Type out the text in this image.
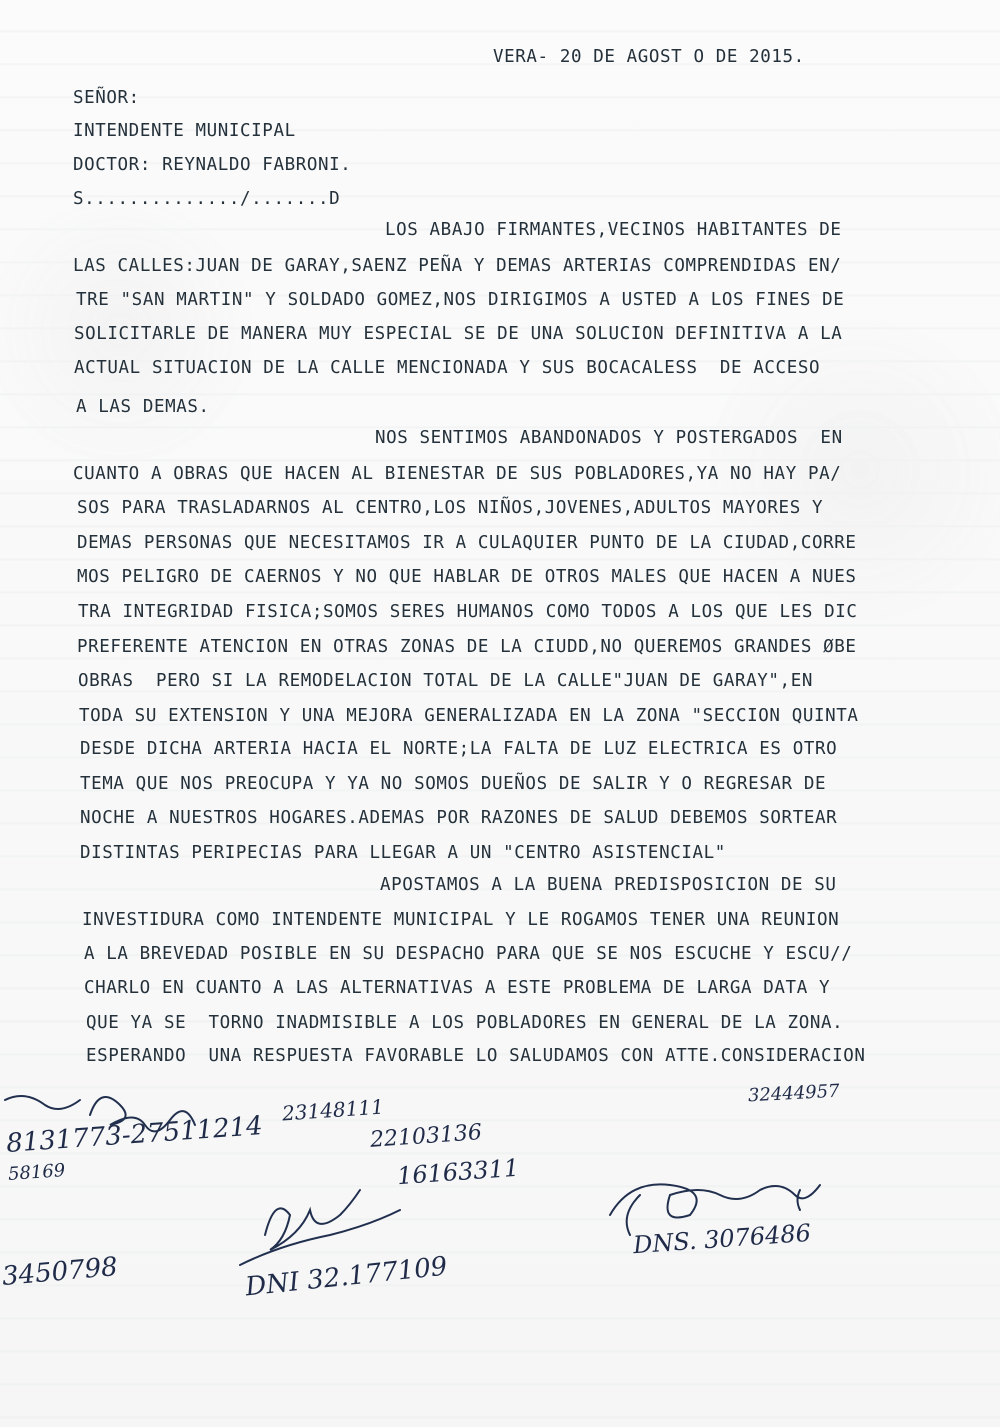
VERA- 20 DE AGOST O DE 2015.
SEÑOR:
INTENDENTE MUNICIPAL
DOCTOR: REYNALDO FABRONI.
S............../.......D
LOS ABAJO FIRMANTES,VECINOS HABITANTES DE
LAS CALLES:JUAN DE GARAY,SAENZ PEÑA Y DEMAS ARTERIAS COMPRENDIDAS EN/
TRE "SAN MARTIN" Y SOLDADO GOMEZ,NOS DIRIGIMOS A USTED A LOS FINES DE
SOLICITARLE DE MANERA MUY ESPECIAL SE DE UNA SOLUCION DEFINITIVA A LA
ACTUAL SITUACION DE LA CALLE MENCIONADA Y SUS BOCACALESS  DE ACCESO
A LAS DEMAS.
NOS SENTIMOS ABANDONADOS Y POSTERGADOS  EN
CUANTO A OBRAS QUE HACEN AL BIENESTAR DE SUS POBLADORES,YA NO HAY PA/
SOS PARA TRASLADARNOS AL CENTRO,LOS NIÑOS,JOVENES,ADULTOS MAYORES Y
DEMAS PERSONAS QUE NECESITAMOS IR A CULAQUIER PUNTO DE LA CIUDAD,CORRE
MOS PELIGRO DE CAERNOS Y NO QUE HABLAR DE OTROS MALES QUE HACEN A NUES
TRA INTEGRIDAD FISICA;SOMOS SERES HUMANOS COMO TODOS A LOS QUE LES DIC
PREFERENTE ATENCION EN OTRAS ZONAS DE LA CIUDD,NO QUEREMOS GRANDES ØBE
OBRAS  PERO SI LA REMODELACION TOTAL DE LA CALLE"JUAN DE GARAY",EN
TODA SU EXTENSION Y UNA MEJORA GENERALIZADA EN LA ZONA "SECCION QUINTA
DESDE DICHA ARTERIA HACIA EL NORTE;LA FALTA DE LUZ ELECTRICA ES OTRO
TEMA QUE NOS PREOCUPA Y YA NO SOMOS DUEÑOS DE SALIR Y O REGRESAR DE
NOCHE A NUESTROS HOGARES.ADEMAS POR RAZONES DE SALUD DEBEMOS SORTEAR
DISTINTAS PERIPECIAS PARA LLEGAR A UN "CENTRO ASISTENCIAL"
APOSTAMOS A LA BUENA PREDISPOSICION DE SU
INVESTIDURA COMO INTENDENTE MUNICIPAL Y LE ROGAMOS TENER UNA REUNION
A LA BREVEDAD POSIBLE EN SU DESPACHO PARA QUE SE NOS ESCUCHE Y ESCU//
CHARLO EN CUANTO A LAS ALTERNATIVAS A ESTE PROBLEMA DE LARGA DATA Y
QUE YA SE  TORNO INADMISIBLE A LOS POBLADORES EN GENERAL DE LA ZONA.
ESPERANDO  UNA RESPUESTA FAVORABLE LO SALUDAMOS CON ATTE.CONSIDERACION
8131773-27511214
23148111
22103136
16163311
32444957
3450798
58169
DNI 32.177109
DNS. 3076486
